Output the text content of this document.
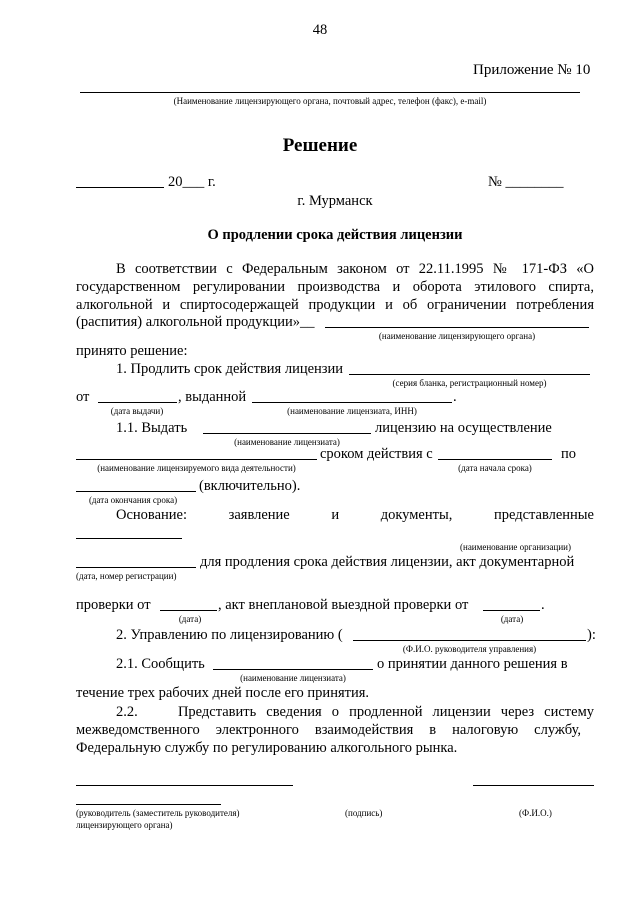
48
Приложение № 10
(Наименование лицензирующего органа, почтовый адрес, телефон (факс), e-mail)
Решение
20___ г.	№ ________
г. Мурманск
О продлении срока действия лицензии
В соответствии с Федеральным законом от 22.11.1995 № 171-ФЗ «О
государственном регулировании производства и оборота этилового спирта,
алкогольной и спиртосодержащей продукции и об ограничении потребления
(распития) алкогольной продукции»__
(наименование лицензирующего органа)
принято решение:
1. Продлить срок действия лицензии
(серия бланка, регистрационный номер)
от	, выданной	.
(дата выдачи)	(наименование лицензиата, ИНН)
1.1. Выдать	лицензию на осуществление
(наименование лицензиата)
сроком действия с	по
(наименование лицензируемого вида деятельности)	(дата начала срока)
(включительно).
(дата окончания срока)
Основание:	заявление	и	документы,	представленные
(наименование организации)
для продления срока действия лицензии, акт документарной
(дата, номер регистрации)
проверки от	, акт внеплановой выездной проверки от	.
(дата)	(дата)
2. Управлению по лицензированию (	):
(Ф.И.О. руководителя управления)
2.1. Сообщить	о принятии данного решения в
(наименование лицензиата)
течение трех рабочих дней после его принятия.
2.2.    Представить сведения о продленной лицензии через систему
межведомственного электронного взаимодействия в налоговую службу,
Федеральную службу по регулированию алкогольного рынка.
(руководитель (заместитель руководителя)
лицензирующего органа)
(подпись)	(Ф.И.О.)
